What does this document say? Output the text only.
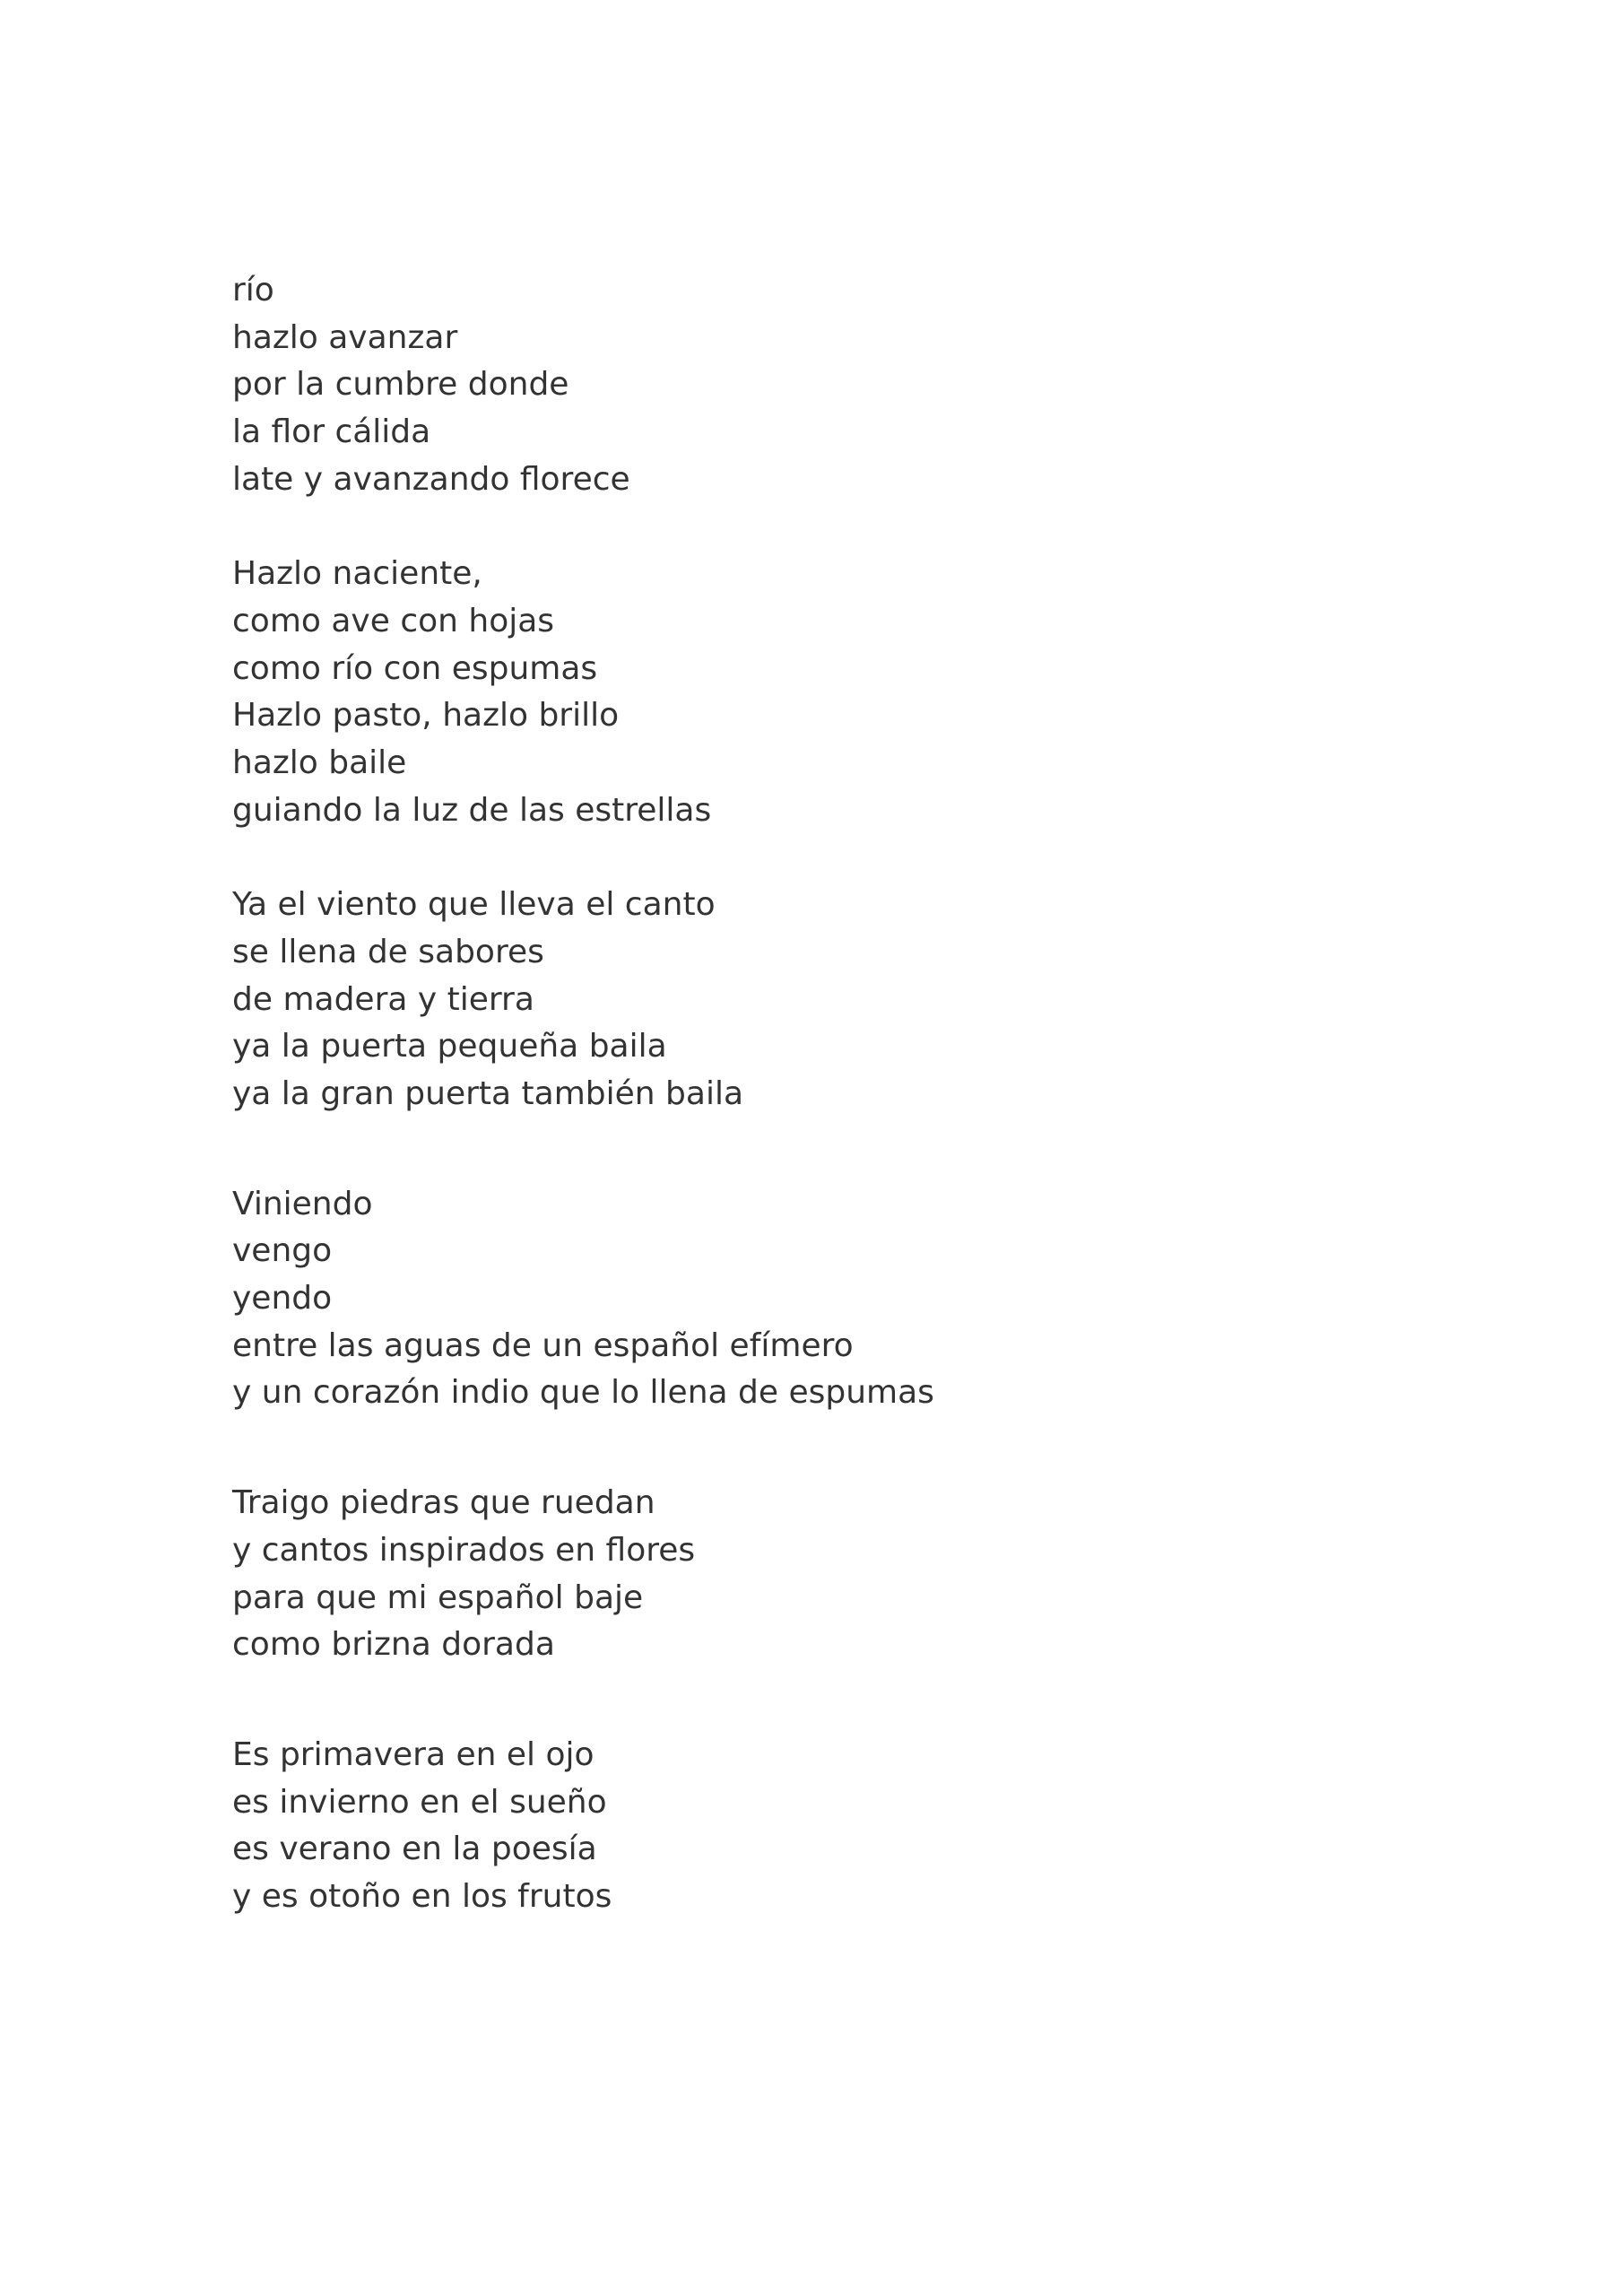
río
hazlo avanzar
por la cumbre donde
la flor cálida
late y avanzando florece
Hazlo naciente,
como ave con hojas
como río con espumas
Hazlo pasto, hazlo brillo
hazlo baile
guiando la luz de las estrellas
Ya el viento que lleva el canto
se llena de sabores
de madera y tierra
ya la puerta pequeña baila
ya la gran puerta también baila
Viniendo
vengo
yendo
entre las aguas de un español efímero
y un corazón indio que lo llena de espumas
Traigo piedras que ruedan
y cantos inspirados en flores
para que mi español baje
como brizna dorada
Es primavera en el ojo
es invierno en el sueño
es verano en la poesía
y es otoño en los frutos
